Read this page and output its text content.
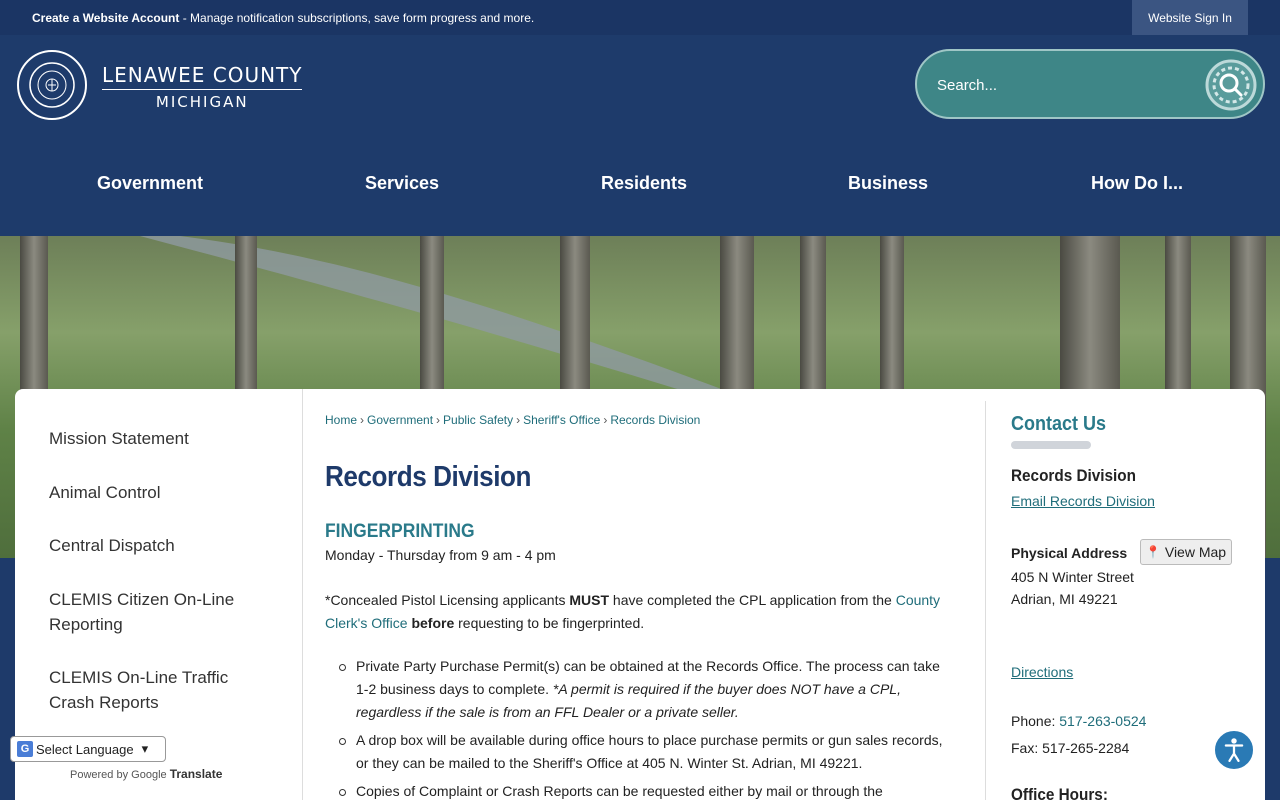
Create a Website Account - Manage notification subscriptions, save form progress and more.	Website Sign In
LENAWEE COUNTY
MICHIGAN
Search...
Government	Services	Residents	Business	How Do I...
Mission Statement
Animal Control
Central Dispatch
CLEMIS Citizen On-Line Reporting
CLEMIS On-Line Traffic Crash Reports
Home › Government › Public Safety › Sheriff's Office › Records Division
Records Division
FINGERPRINTING
Monday - Thursday from 9 am - 4 pm
*Concealed Pistol Licensing applicants MUST have completed the CPL application from the County Clerk's Office before requesting to be fingerprinted.
Private Party Purchase Permit(s) can be obtained at the Records Office. The process can take 1-2 business days to complete. *A permit is required if the buyer does NOT have a CPL, regardless if the sale is from an FFL Dealer or a private seller.
A drop box will be available during office hours to place purchase permits or gun sales records, or they can be mailed to the Sheriff's Office at 405 N. Winter St. Adrian, MI 49221.
Copies of Complaint or Crash Reports can be requested either by mail or through the
Contact Us
Records Division
Email Records Division
Physical Address 📍 View Map
405 N Winter Street
Adrian, MI 49221
Directions
Phone: 517-263-0524
Fax: 517-265-2284
Office Hours:
G Select Language ▾
Powered by Google Translate
